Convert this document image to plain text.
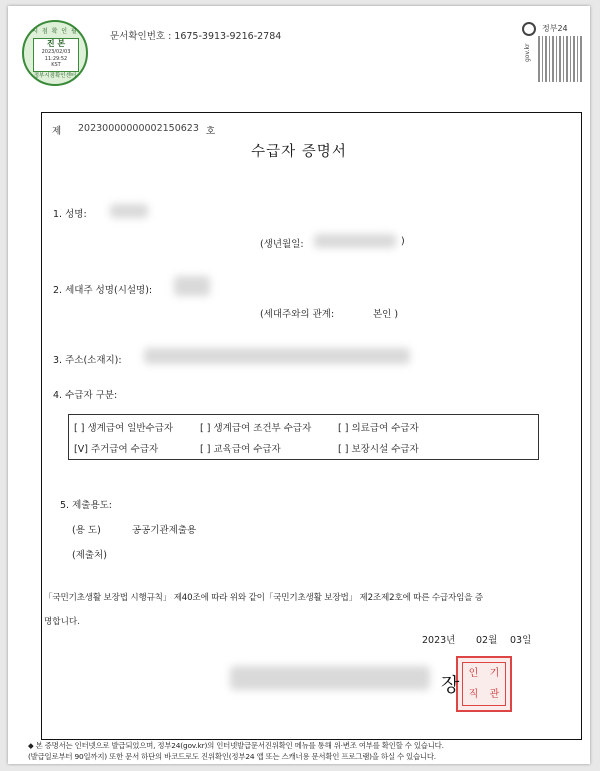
시 점 확 인 필
진 본
2023/02/03
11:29:52
KST
정부시점확인센터
문서확인번호 : 1675-3913-9216-2784
정부24
gov.kr
제 20230000000002150623 호
수급자 증명서
1. 성명:
(생년월일:	)
2. 세대주 성명(시설명):
(세대주와의 관계:	본인 )
3. 주소(소재지):
4. 수급자 구분:
[ ] 생계급여 일반수급자	[ ] 생계급여 조건부 수급자	[ ] 의료급여 수급자
[V] 주거급여 수급자	[ ] 교육급여 수급자	[ ] 보장시설 수급자
5. 제출용도:
(용 도)	공공기관제출용
(제출처)
「국민기초생활 보장법 시행규칙」 제40조에 따라 위와 같이「국민기초생활 보장법」 제2조제2호에 따른 수급자임을 증
명합니다.
2023년 02월 03일
인 기
직 관
장
◆ 본 증명서는 인터넷으로 발급되었으며, 정부24(gov.kr)의 인터넷발급문서진위확인 메뉴를 통해 위·변조 여부를 확인할 수 있습니다.
(발급일로부터 90일까지) 또한 문서 하단의 바코드로도 진위확인(정부24 앱 또는 스캐너용 문서확인 프로그램)을 하실 수 있습니다.
